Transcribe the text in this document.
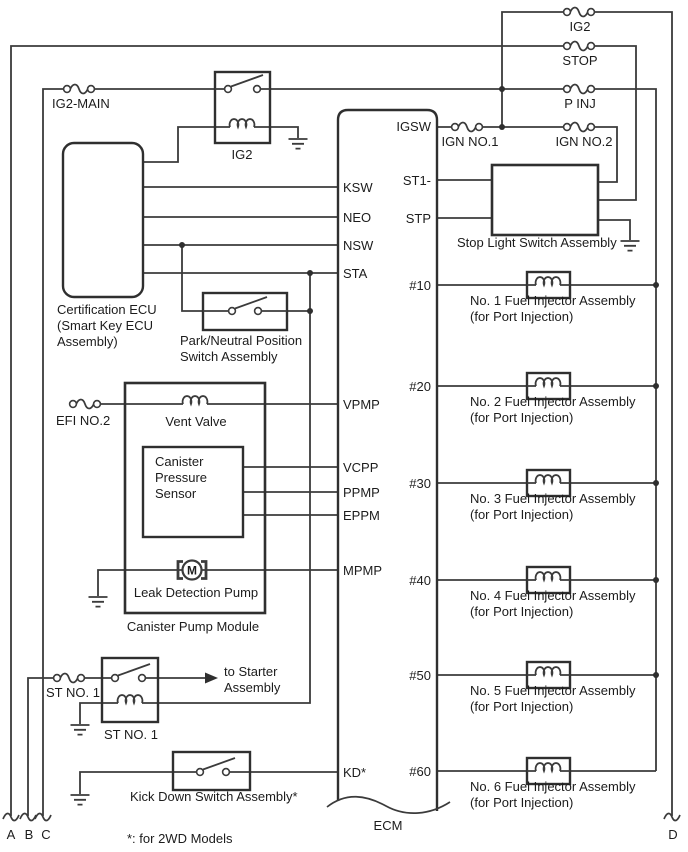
ECM
KSW
NEO
NSW
STA
VPMP
VCPP
PPMP
EPPM
MPMP
KD*
IGSW
ST1-
STP
#10
#20
#30
#40
#50
#60
IG2-MAIN
IG2
STOP
P INJ
IGN NO.1	IGN NO.2
EFI NO.2
ST NO. 1
IG2
Certification ECU
(Smart Key ECU
Assembly)	Park/Neutral Position
Switch Assembly
Stop Light Switch Assembly
Vent Valve
Canister
Pressure
Sensor
M
Leak Detection Pump
Canister Pump Module
ST NO. 1
to Starter
Assembly
Kick Down Switch Assembly*
*: for 2WD Models
No. 1 Fuel Injector Assembly
(for Port Injection)
No. 2 Fuel Injector Assembly
(for Port Injection)
No. 3 Fuel Injector Assembly
(for Port Injection)
No. 4 Fuel Injector Assembly
(for Port Injection)
No. 5 Fuel Injector Assembly
(for Port Injection)
No. 6 Fuel Injector Assembly
(for Port Injection)
A B C	D
